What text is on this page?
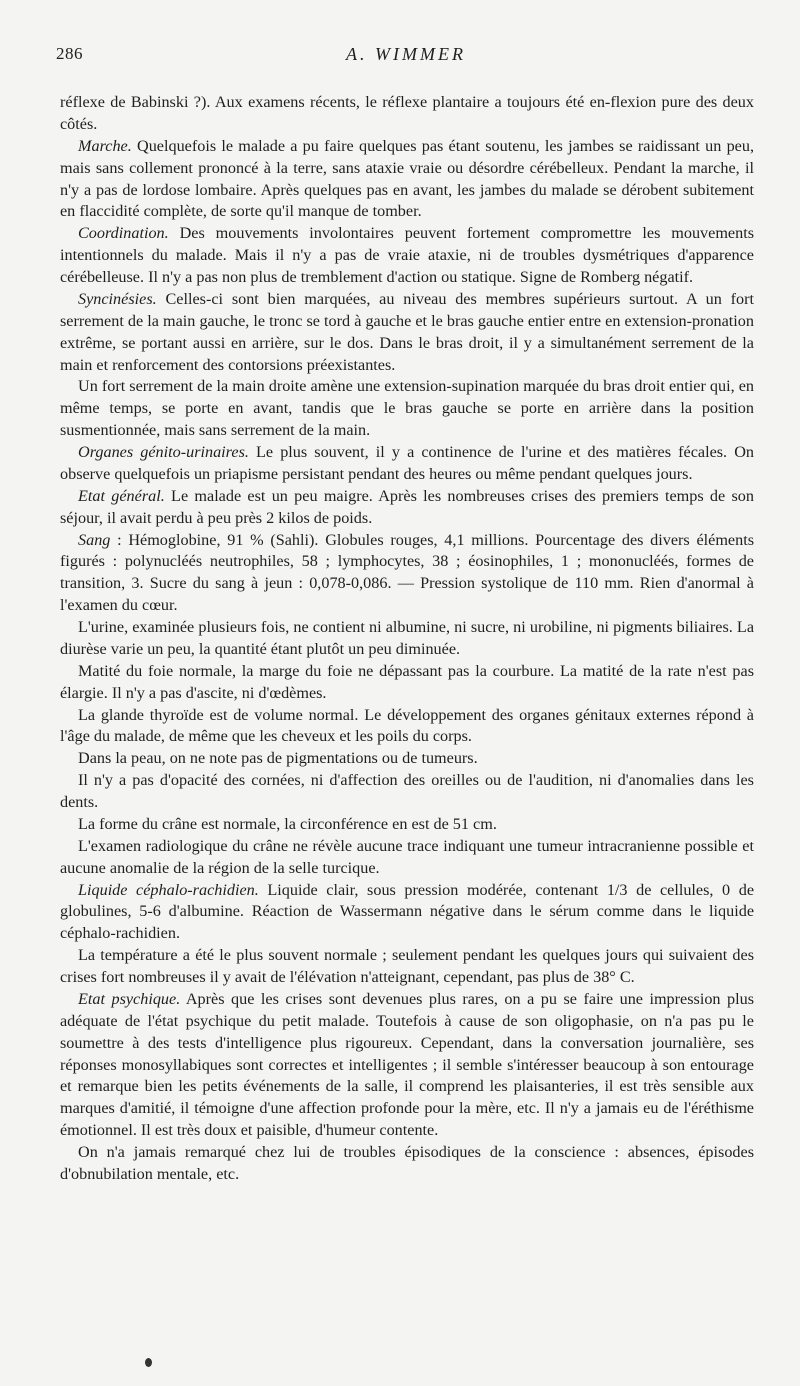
286	A. WIMMER

réflexe de Babinski ?). Aux examens récents, le réflexe plantaire a toujours été en-flexion pure des deux côtés.

Marche. Quelquefois le malade a pu faire quelques pas étant soutenu, les jambes se raidissant un peu, mais sans collement prononcé à la terre, sans ataxie vraie ou désordre cérébelleux. Pendant la marche, il n'y a pas de lordose lombaire. Après quelques pas en avant, les jambes du malade se dérobent subitement en flaccidité complète, de sorte qu'il manque de tomber.

Coordination. Des mouvements involontaires peuvent fortement compromettre les mouvements intentionnels du malade. Mais il n'y a pas de vraie ataxie, ni de troubles dysmétriques d'apparence cérébelleuse. Il n'y a pas non plus de tremblement d'action ou statique. Signe de Romberg négatif.

Syncinésies. Celles-ci sont bien marquées, au niveau des membres supérieurs surtout. A un fort serrement de la main gauche, le tronc se tord à gauche et le bras gauche entier entre en extension-pronation extrême, se portant aussi en arrière, sur le dos. Dans le bras droit, il y a simultanément serrement de la main et renforcement des contorsions préexistantes.

Un fort serrement de la main droite amène une extension-supination marquée du bras droit entier qui, en même temps, se porte en avant, tandis que le bras gauche se porte en arrière dans la position susmentionnée, mais sans serrement de la main.

Organes génito-urinaires. Le plus souvent, il y a continence de l'urine et des matières fécales. On observe quelquefois un priapisme persistant pendant des heures ou même pendant quelques jours.

Etat général. Le malade est un peu maigre. Après les nombreuses crises des premiers temps de son séjour, il avait perdu à peu près 2 kilos de poids.

Sang : Hémoglobine, 91 % (Sahli). Globules rouges, 4,1 millions. Pourcentage des divers éléments figurés : polynucléés neutrophiles, 58 ; lymphocytes, 38 ; éosinophiles, 1 ; mononucléés, formes de transition, 3. Sucre du sang à jeun : 0,078-0,086. — Pression systolique de 110 mm. Rien d'anormal à l'examen du cœur.

L'urine, examinée plusieurs fois, ne contient ni albumine, ni sucre, ni urobiline, ni pigments biliaires. La diurèse varie un peu, la quantité étant plutôt un peu diminuée.

Matité du foie normale, la marge du foie ne dépassant pas la courbure. La matité de la rate n'est pas élargie. Il n'y a pas d'ascite, ni d'œdèmes.

La glande thyroïde est de volume normal. Le développement des organes génitaux externes répond à l'âge du malade, de même que les cheveux et les poils du corps.

Dans la peau, on ne note pas de pigmentations ou de tumeurs.

Il n'y a pas d'opacité des cornées, ni d'affection des oreilles ou de l'audition, ni d'anomalies dans les dents.

La forme du crâne est normale, la circonférence en est de 51 cm.

L'examen radiologique du crâne ne révèle aucune trace indiquant une tumeur intracranienne possible et aucune anomalie de la région de la selle turcique.

Liquide céphalo-rachidien. Liquide clair, sous pression modérée, contenant 1/3 de cellules, 0 de globulines, 5-6 d'albumine. Réaction de Wassermann négative dans le sérum comme dans le liquide céphalo-rachidien.

La température a été le plus souvent normale ; seulement pendant les quelques jours qui suivaient des crises fort nombreuses il y avait de l'élévation n'atteignant, cependant, pas plus de 38° C.

Etat psychique. Après que les crises sont devenues plus rares, on a pu se faire une impression plus adéquate de l'état psychique du petit malade. Toutefois à cause de son oligophasie, on n'a pas pu le soumettre à des tests d'intelligence plus rigoureux. Cependant, dans la conversation journalière, ses réponses monosyllabiques sont correctes et intelligentes ; il semble s'intéresser beaucoup à son entourage et remarque bien les petits événements de la salle, il comprend les plaisanteries, il est très sensible aux marques d'amitié, il témoigne d'une affection profonde pour la mère, etc. Il n'y a jamais eu de l'éréthisme émotionnel. Il est très doux et paisible, d'humeur contente.

On n'a jamais remarqué chez lui de troubles épisodiques de la conscience : absences, épisodes d'obnubilation mentale, etc.
